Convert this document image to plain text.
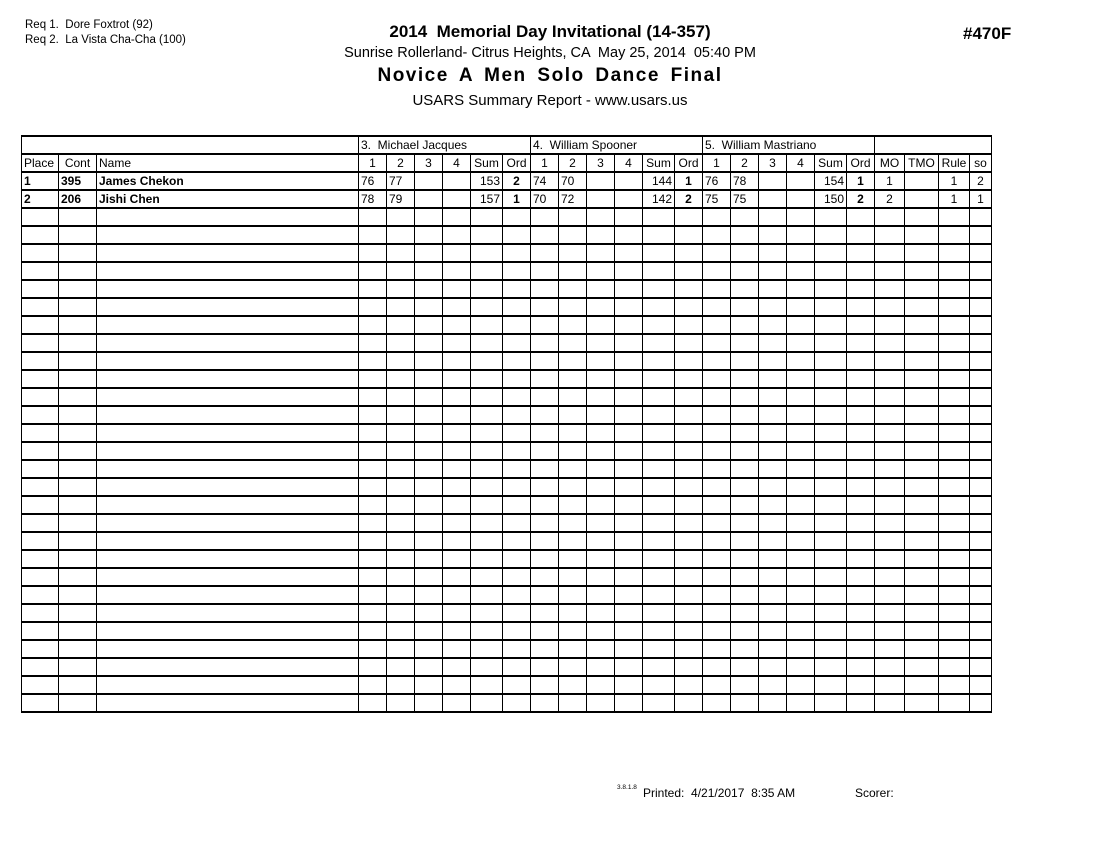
Req 1.  Dore Foxtrot (92)
Req 2.  La Vista Cha-Cha (100)	2014  Memorial Day Invitational (14-357)
Sunrise Rollerland- Citrus Heights, CA  May 25, 2014  05:40 PM
Novice A Men Solo Dance Final
USARS Summary Report - www.usars.us
#470F
			3.  Michael Jacques						4.  William Spooner						5.  William Mastriano									
Place	Cont	Name	1	2	3	4	Sum	Ord	1	2	3	4	Sum	Ord	1	2	3	4	Sum	Ord	MO	TMO	Rule	so
1	395	James Chekon	76	77			153	2	74	70			144	1	76	78			154	1	1		1	2
2	206	Jishi Chen	78	79			157	1	70	72			142	2	75	75			150	2	2		1	1

3.8.1.8 Printed:  4/21/2017  8:35 AM	Scorer:
